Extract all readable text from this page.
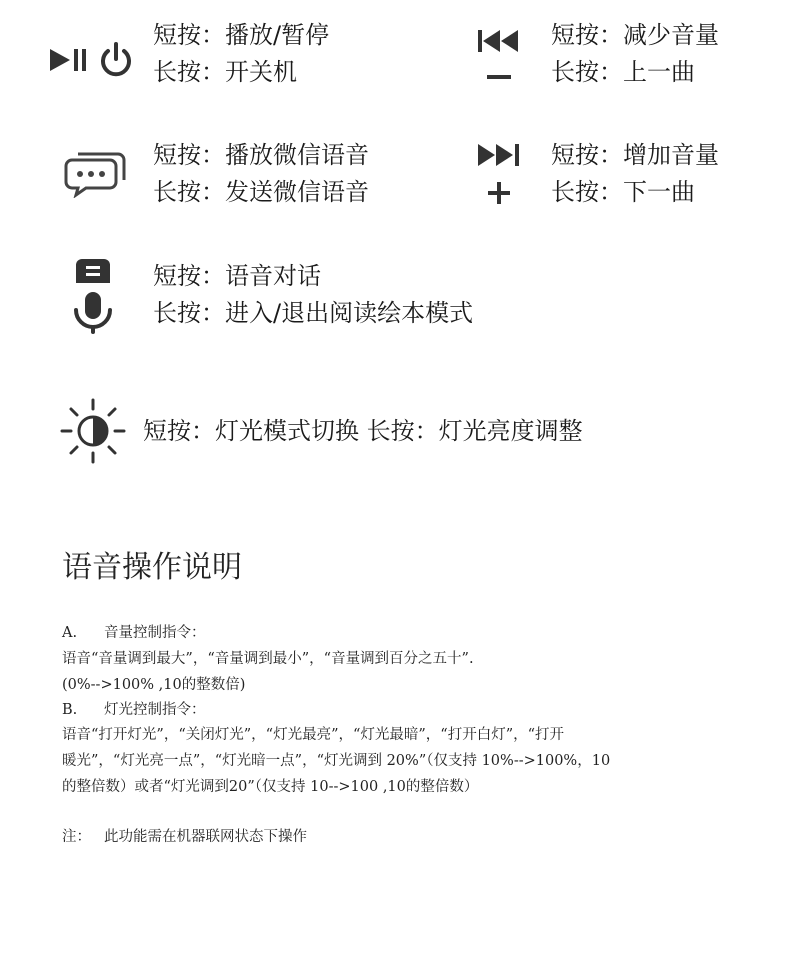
短按：播放/暂停
长按：开关机
短按：减少音量
长按：上一曲
短按：播放微信语音
长按：发送微信语音
短按：增加音量
长按：下一曲
短按：语音对话
长按：进入/退出阅读绘本模式
短按：灯光模式切换 长按：灯光亮度调整
语音操作说明
A. 音量控制指令：
语音“音量调到最大”，“音量调到最小”，“音量调到百分之五十”.
(0%-->100% ,10的整数倍)
B. 灯光控制指令：
语音“打开灯光”，“关闭灯光”，“灯光最亮”，“灯光最暗”，“打开白灯”，“打开
暖光”，“灯光亮一点”，“灯光暗一点”，“灯光调到 20%”（仅支持 10%-->100%，10
的整倍数）或者“灯光调到20”（仅支持 10-->100 ,10的整倍数）
注： 此功能需在机器联网状态下操作
